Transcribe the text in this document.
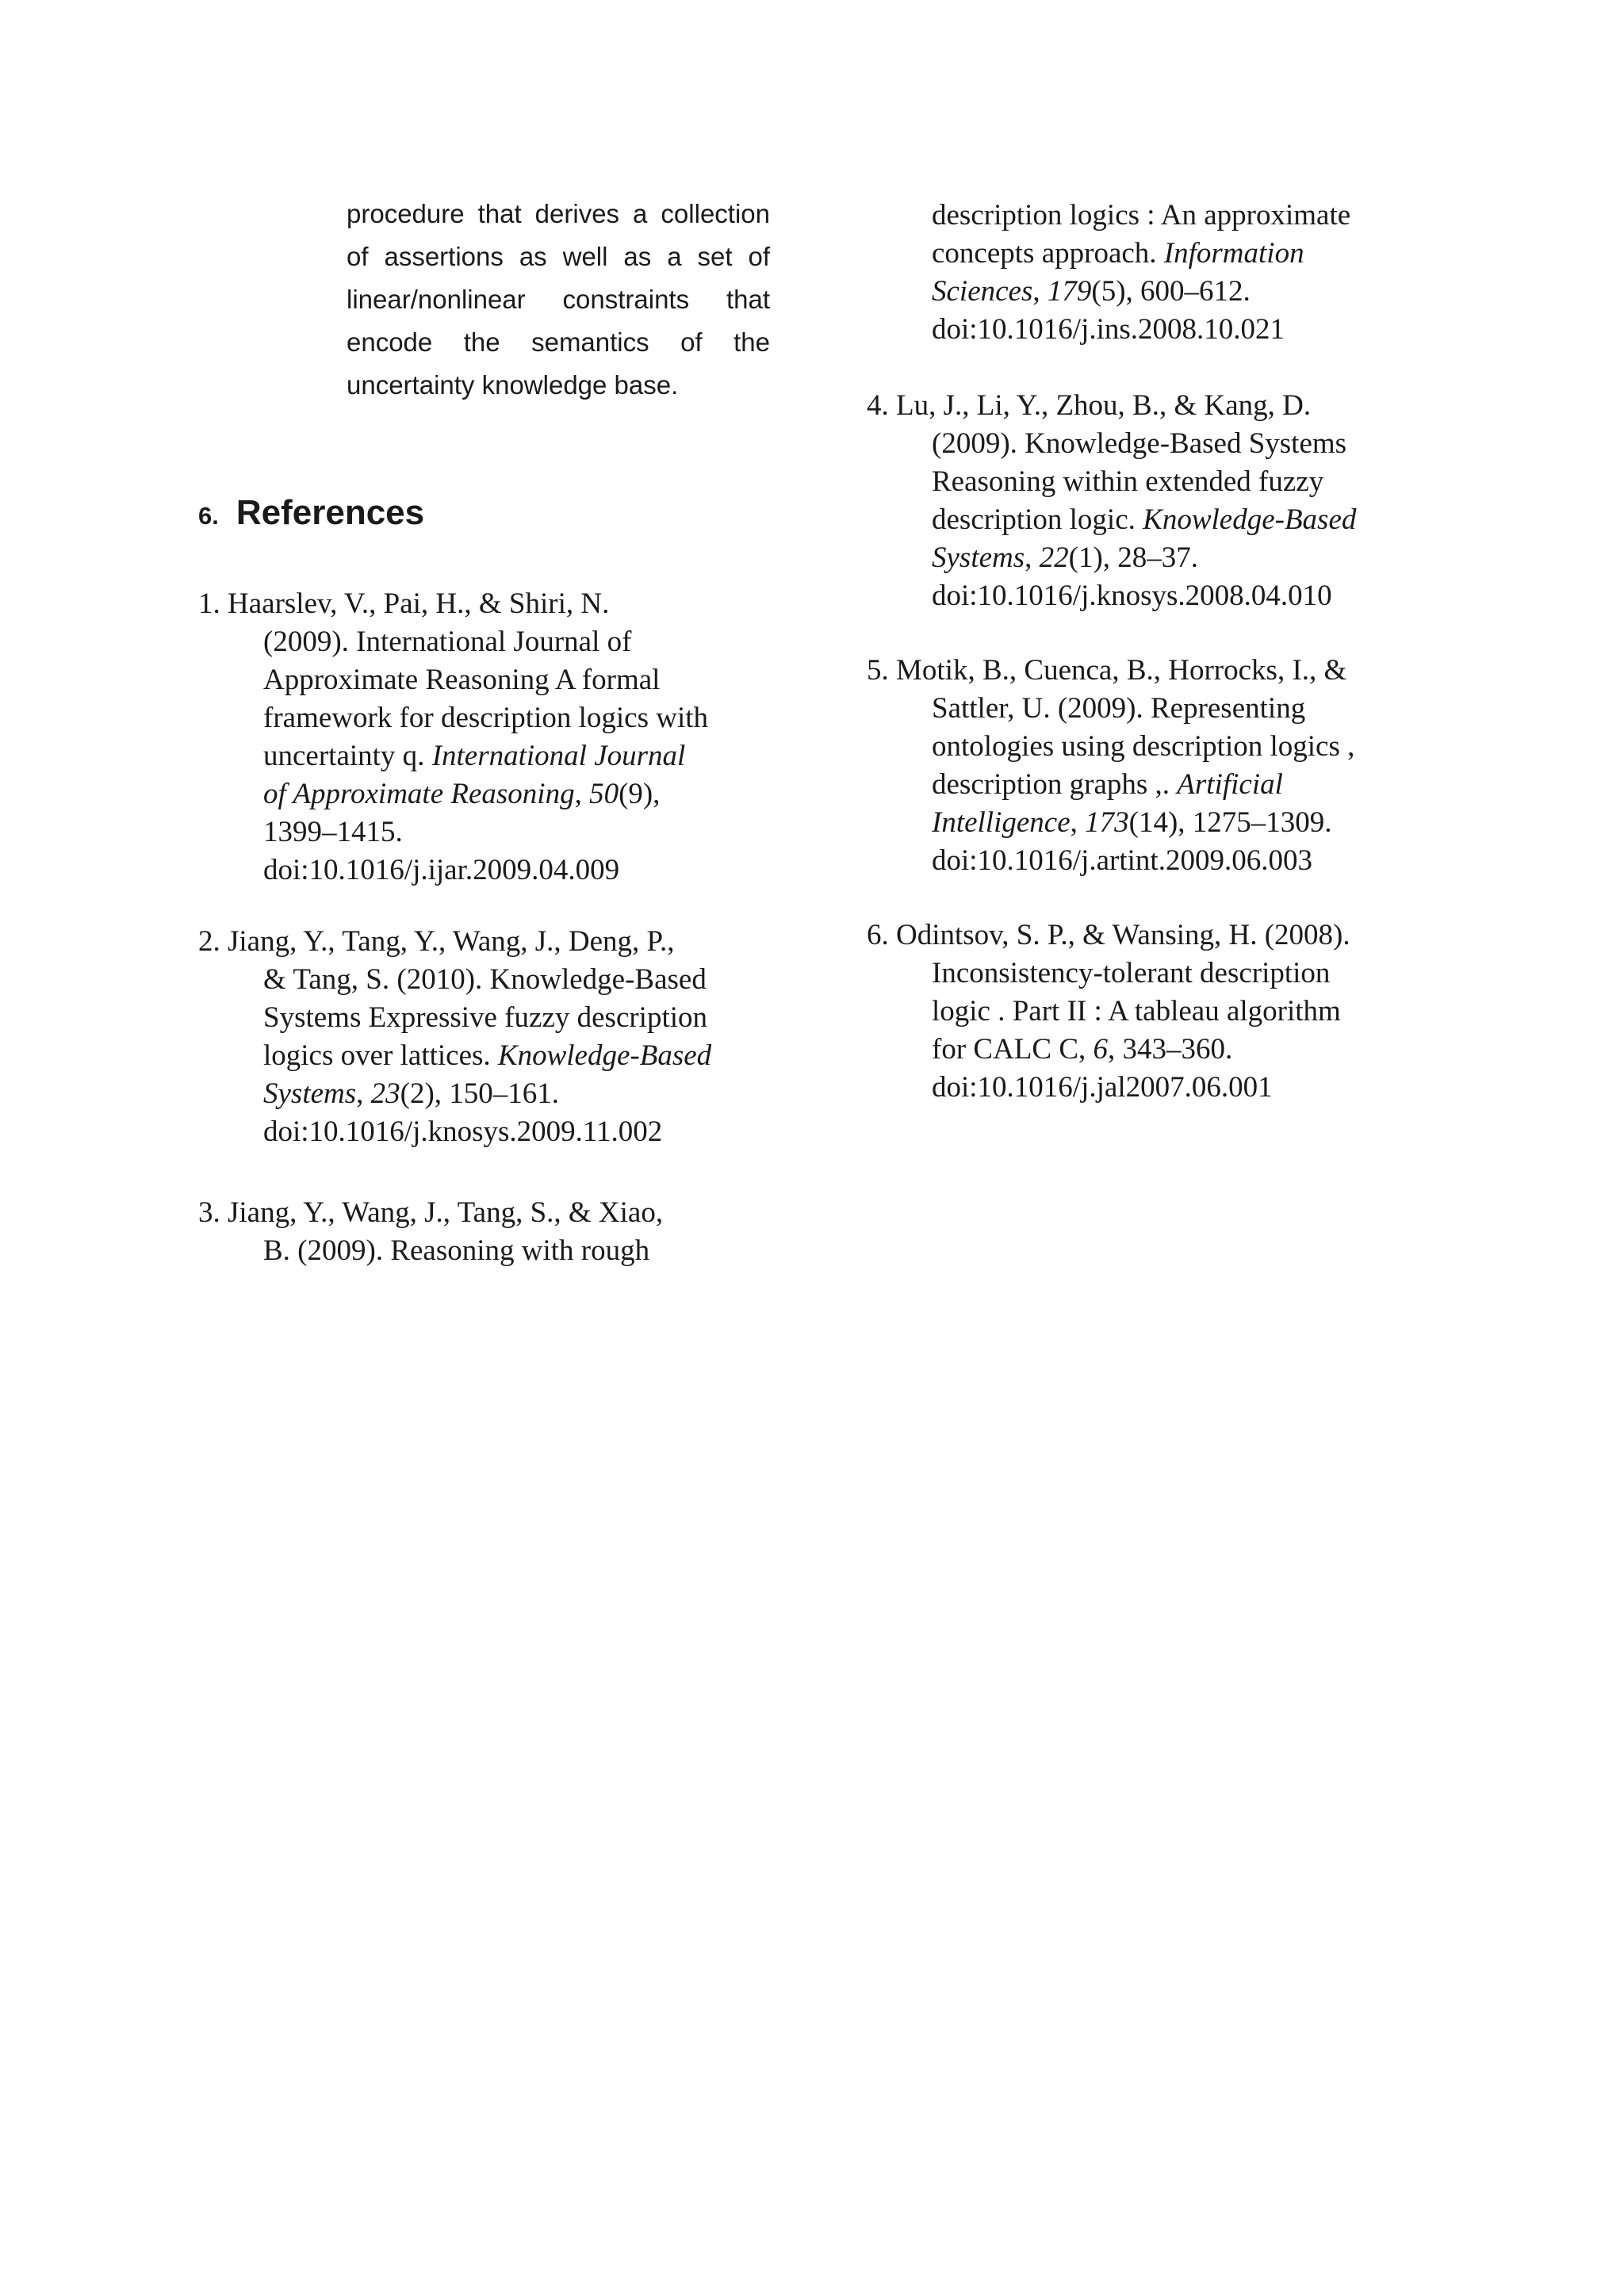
procedure that derives a collection of assertions as well as a set of linear/nonlinear constraints that encode the semantics of the uncertainty knowledge base.

6. References
1. Haarslev, V., Pai, H., & Shiri, N.
(2009). International Journal of
Approximate Reasoning A formal
framework for description logics with
uncertainty q. International Journal
of Approximate Reasoning, 50(9),
1399–1415.
doi:10.1016/j.ijar.2009.04.009
2. Jiang, Y., Tang, Y., Wang, J., Deng, P.,
& Tang, S. (2010). Knowledge-Based
Systems Expressive fuzzy description
logics over lattices. Knowledge-Based
Systems, 23(2), 150–161.
doi:10.1016/j.knosys.2009.11.002
3. Jiang, Y., Wang, J., Tang, S., & Xiao,
B. (2009). Reasoning with rough
description logics : An approximate
concepts approach. Information
Sciences, 179(5), 600–612.
doi:10.1016/j.ins.2008.10.021
4. Lu, J., Li, Y., Zhou, B., & Kang, D.
(2009). Knowledge-Based Systems
Reasoning within extended fuzzy
description logic. Knowledge-Based
Systems, 22(1), 28–37.
doi:10.1016/j.knosys.2008.04.010
5. Motik, B., Cuenca, B., Horrocks, I., &
Sattler, U. (2009). Representing
ontologies using description logics ,
description graphs ,. Artificial
Intelligence, 173(14), 1275–1309.
doi:10.1016/j.artint.2009.06.003
6. Odintsov, S. P., & Wansing, H. (2008).
Inconsistency-tolerant description
logic . Part II : A tableau algorithm
for CALC C, 6, 343–360.
doi:10.1016/j.jal2007.06.001
